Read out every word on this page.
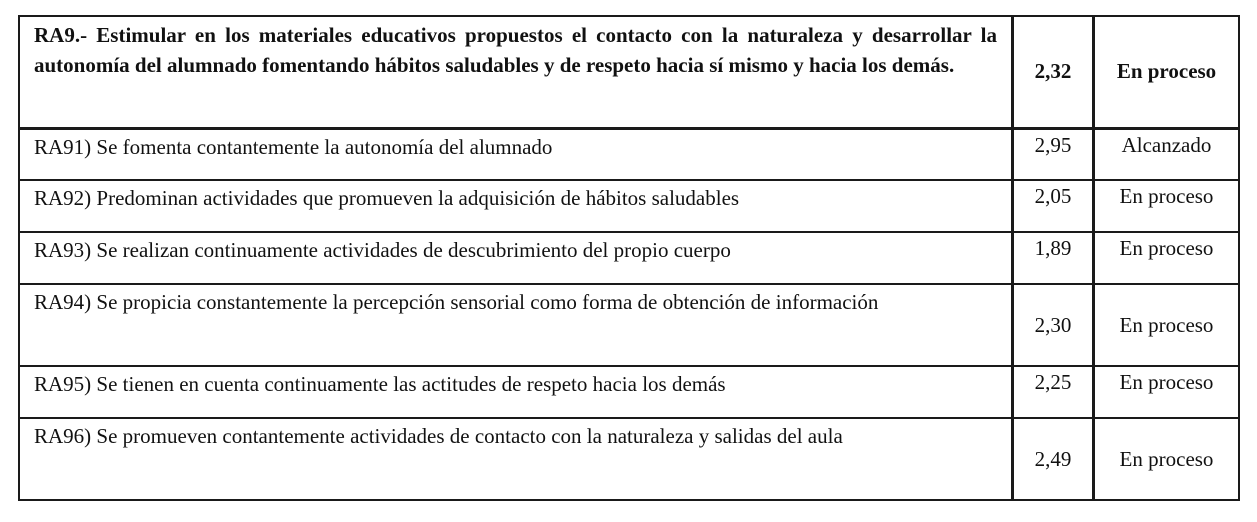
RA9.- Estimular en los materiales educativos propuestos el contacto con la naturaleza y desarrollar la autonomía del alumnado fomentando hábitos saludables y de respeto hacia sí mismo y hacia los demás.	2,32	En proceso
RA91) Se fomenta contantemente la autonomía del alumnado	2,95	Alcanzado
RA92) Predominan actividades que promueven la adquisición de hábitos saludables	2,05	En proceso
RA93) Se realizan continuamente actividades de descubrimiento del propio cuerpo	1,89	En proceso
RA94) Se propicia constantemente la percepción sensorial como forma de obtención de información	2,30	En proceso
RA95) Se tienen en cuenta continuamente las actitudes de respeto hacia los demás	2,25	En proceso
RA96) Se promueven contantemente actividades de contacto con la naturaleza y salidas del aula	2,49	En proceso
